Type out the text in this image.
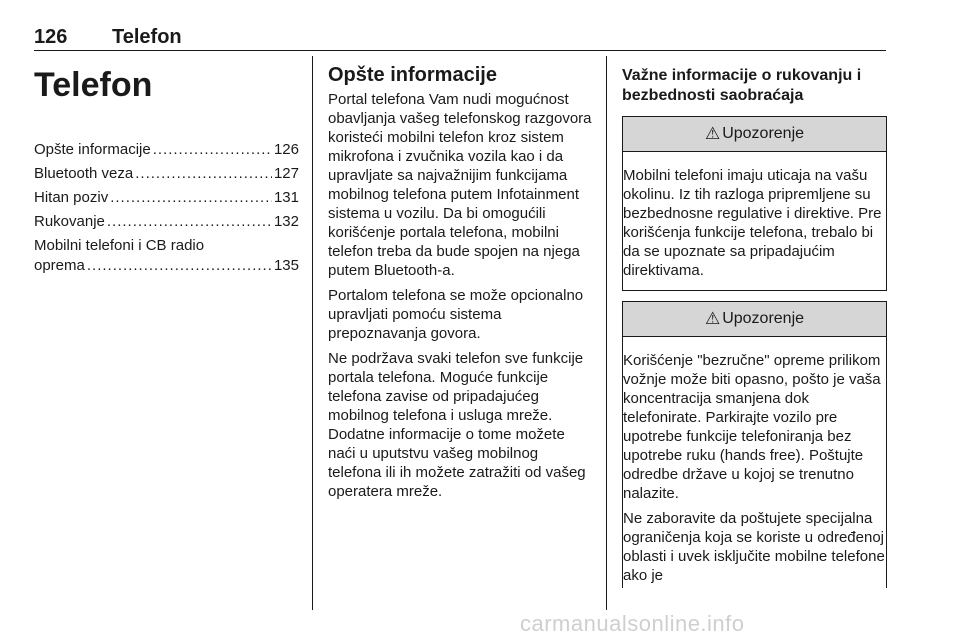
126 Telefon
Telefon
Opšte informacije .....	126
Bluetooth veza .....	127
Hitan poziv .....	131
Rukovanje .....	132
Mobilni telefoni i CB radio
oprema .....	135
Opšte informacije

Portal telefona Vam nudi mogućnost obavljanja vašeg telefonskog razgovora koristeći mobilni telefon kroz sistem mikrofona i zvučnika vozila kao i da upravljate sa najvažnijim funkcijama mobilnog telefona putem Infotainment sistema u vozilu. Da bi omogućili korišćenje portala telefona, mobilni telefon treba da bude spojen na njega putem Bluetooth-a.

Portalom telefona se može opcionalno upravljati pomoću sistema prepoznavanja govora.

Ne podržava svaki telefon sve funkcije portala telefona. Moguće funkcije telefona zavise od pripadajućeg mobilnog telefona i usluga mreže. Dodatne informacije o tome možete naći u uputstvu vašeg mobilnog telefona ili ih možete zatražiti od vašeg operatera mreže.

Važne informacije o rukovanju i bezbednosti saobraćaja
⚠ Upozorenje

Mobilni telefoni imaju uticaja na vašu okolinu. Iz tih razloga pripremljene su bezbednosne regulative i direktive. Pre korišćenja funkcije telefona, trebalo bi da se upoznate sa pripadajućim direktivama.

⚠ Upozorenje

Korišćenje "bezručne" opreme prilikom vožnje može biti opasno, pošto je vaša koncentracija smanjena dok telefonirate. Parkirajte vozilo pre upotrebe funkcije telefoniranja bez upotrebe ruku (hands free). Poštujte odredbe države u kojoj se trenutno nalazite.

Ne zaboravite da poštujete specijalna ograničenja koja se koriste u određenoj oblasti i uvek isključite mobilne telefone ako je

carmanualsonline.info
